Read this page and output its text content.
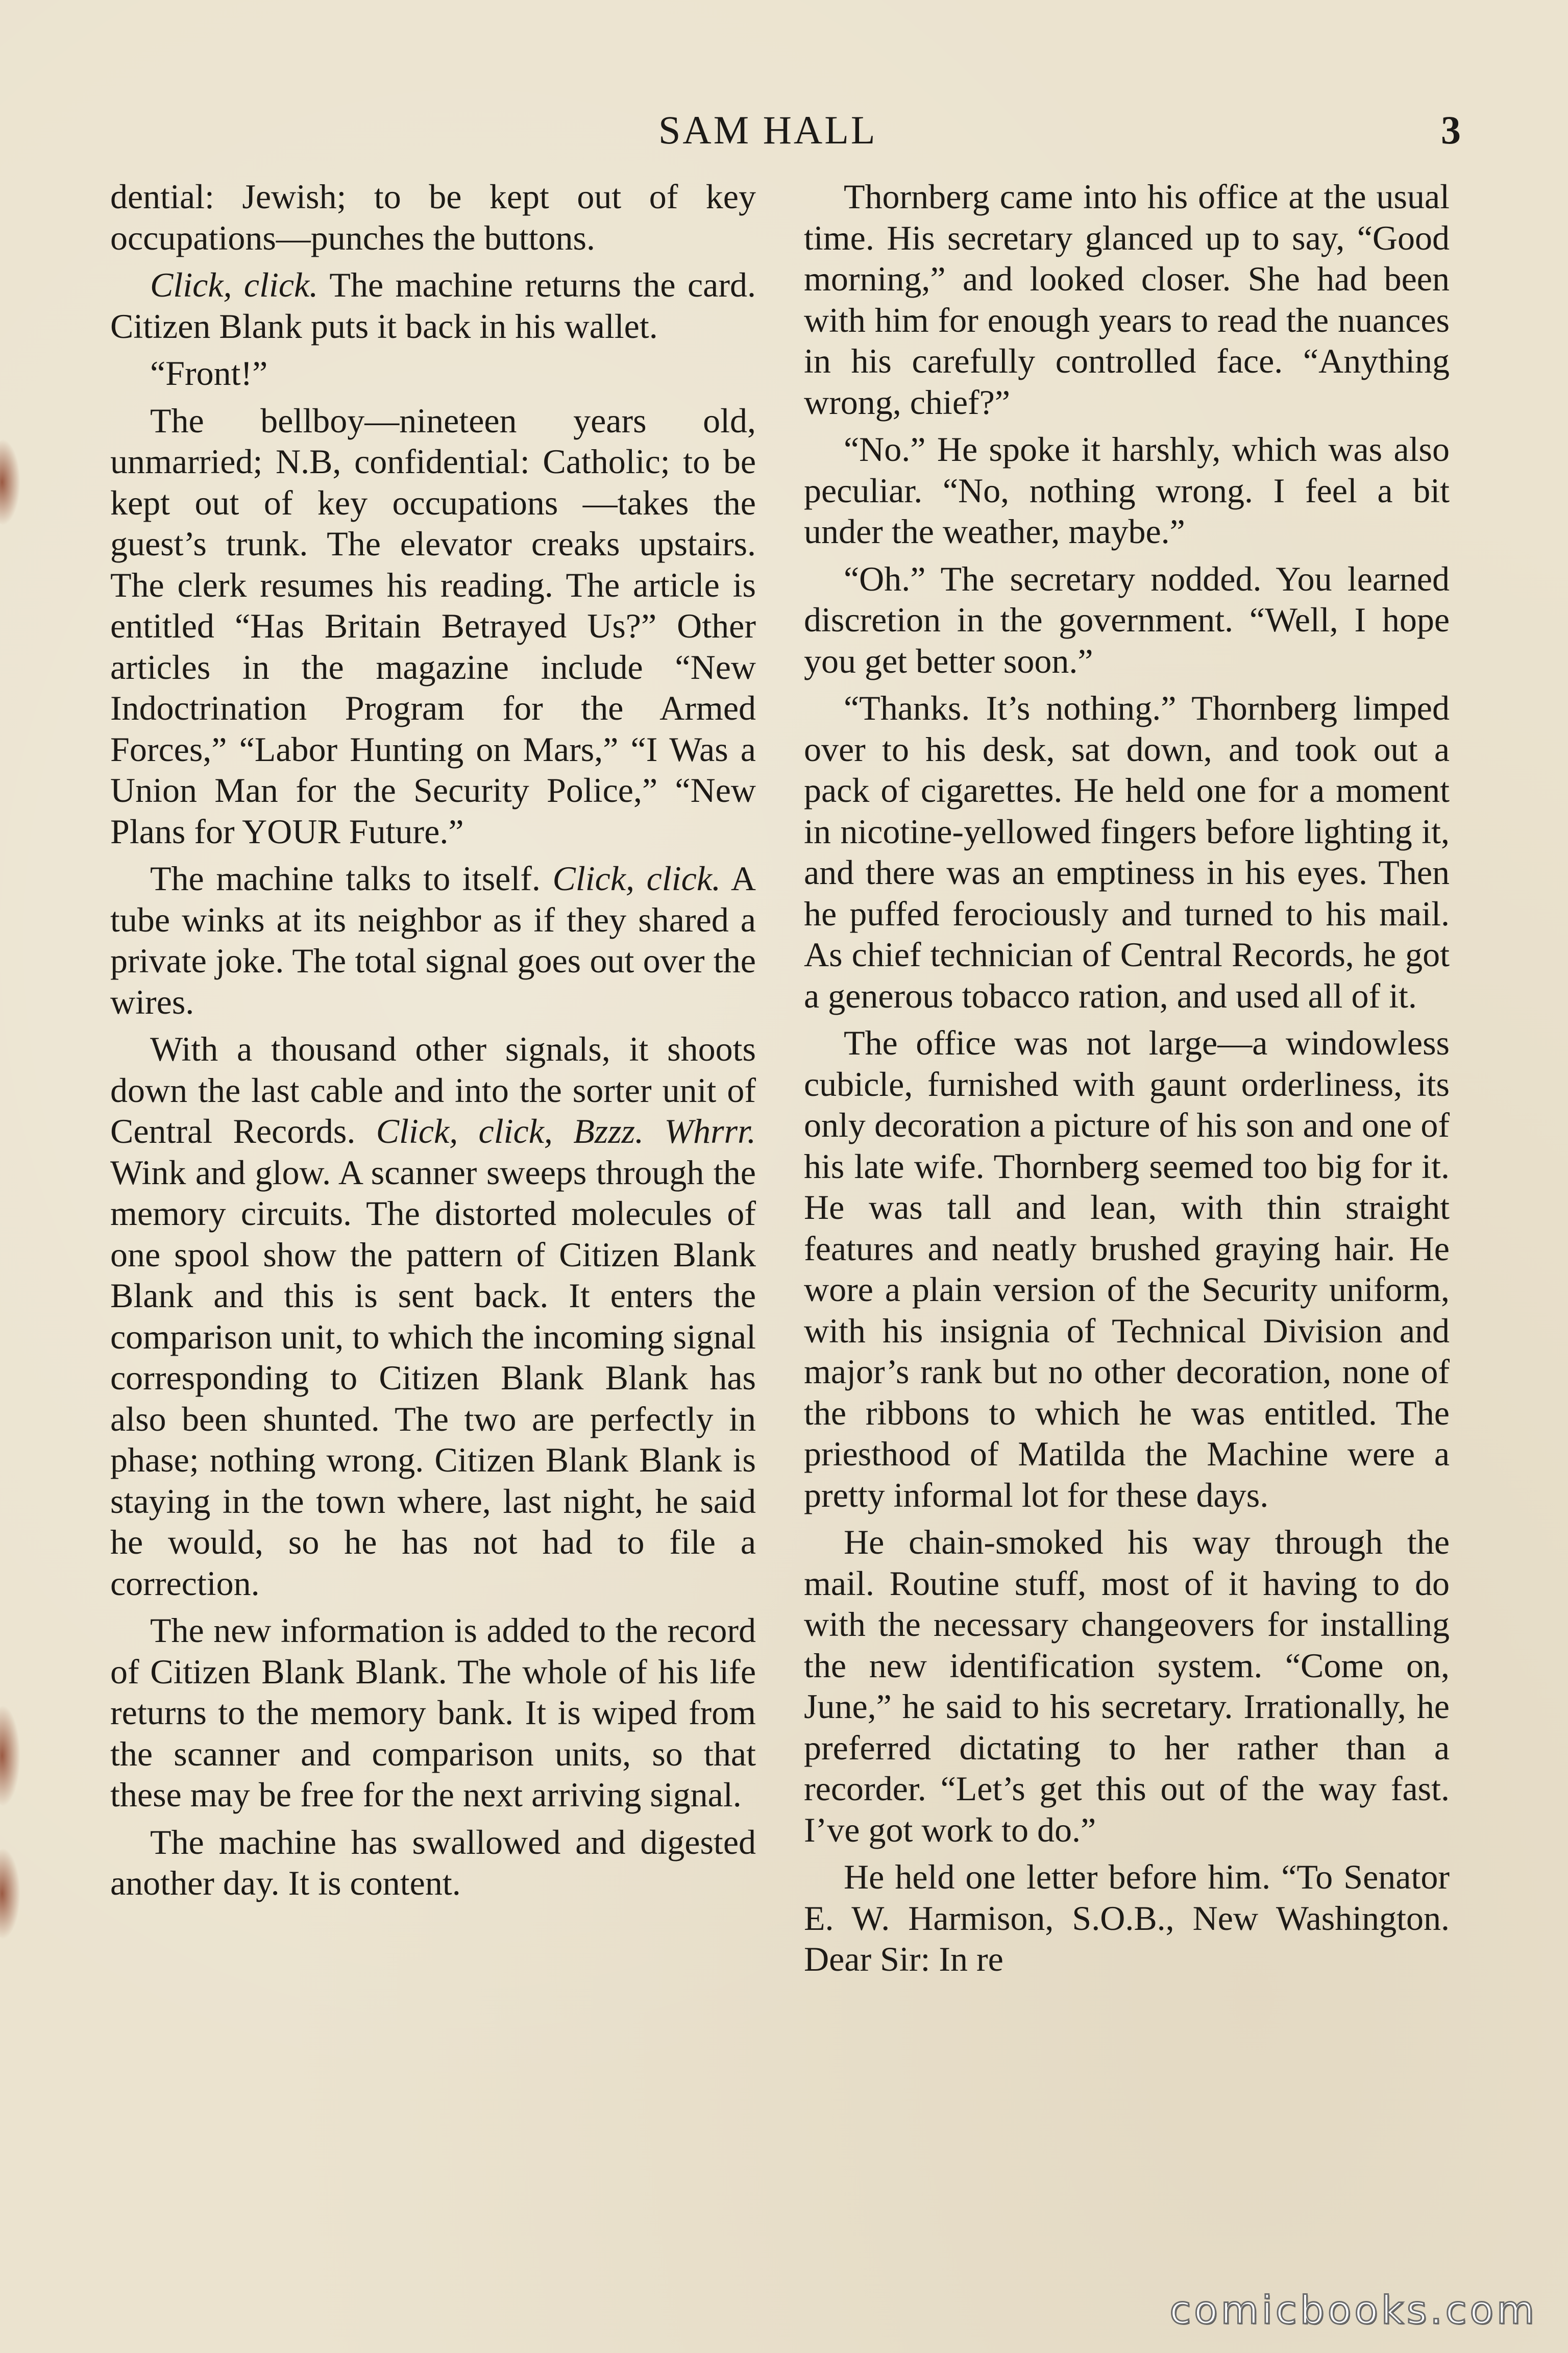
SAM HALL	3

dential: Jewish; to be kept out of key occupations—punches the buttons.

Click, click. The machine returns the card. Citizen Blank puts it back in his wallet.

“Front!”

The bellboy—nineteen years old, unmarried; N.B, confidential: Catholic; to be kept out of key occupations —takes the guest’s trunk. The elevator creaks upstairs. The clerk resumes his reading. The article is entitled “Has Britain Betrayed Us?” Other articles in the magazine include “New Indoctrination Program for the Armed Forces,” “Labor Hunting on Mars,” “I Was a Union Man for the Security Police,” “New Plans for YOUR Future.”

The machine talks to itself. Click, click. A tube winks at its neighbor as if they shared a private joke. The total signal goes out over the wires.

With a thousand other signals, it shoots down the last cable and into the sorter unit of Central Records. Click, click, Bzzz. Whrrr. Wink and glow. A scanner sweeps through the memory circuits. The distorted molecules of one spool show the pattern of Citizen Blank Blank and this is sent back. It enters the comparison unit, to which the incoming signal corresponding to Citizen Blank Blank has also been shunted. The two are perfectly in phase; nothing wrong. Citizen Blank Blank is staying in the town where, last night, he said he would, so he has not had to file a correction.

The new information is added to the record of Citizen Blank Blank. The whole of his life returns to the memory bank. It is wiped from the scanner and comparison units, so that these may be free for the next arriving signal.

The machine has swallowed and digested another day. It is content.

Thornberg came into his office at the usual time. His secretary glanced up to say, “Good morning,” and looked closer. She had been with him for enough years to read the nuances in his carefully controlled face. “Anything wrong, chief?”

“No.” He spoke it harshly, which was also peculiar. “No, nothing wrong. I feel a bit under the weather, maybe.”

“Oh.” The secretary nodded. You learned discretion in the government. “Well, I hope you get better soon.”

“Thanks. It’s nothing.” Thornberg limped over to his desk, sat down, and took out a pack of cigarettes. He held one for a moment in nicotine-yellowed fingers before lighting it, and there was an emptiness in his eyes. Then he puffed ferociously and turned to his mail. As chief technician of Central Records, he got a generous tobacco ration, and used all of it.

The office was not large—a windowless cubicle, furnished with gaunt orderliness, its only decoration a picture of his son and one of his late wife. Thornberg seemed too big for it. He was tall and lean, with thin straight features and neatly brushed graying hair. He wore a plain version of the Security uniform, with his insignia of Technical Division and major’s rank but no other decoration, none of the ribbons to which he was entitled. The priesthood of Matilda the Machine were a pretty informal lot for these days.

He chain-smoked his way through the mail. Routine stuff, most of it having to do with the necessary changeovers for installing the new identification system. “Come on, June,” he said to his secretary. Irrationally, he preferred dictating to her rather than a recorder. “Let’s get this out of the way fast. I’ve got work to do.”

He held one letter before him. “To Senator E. W. Harmison, S.O.B., New Washington. Dear Sir: In re

comicbooks.com
